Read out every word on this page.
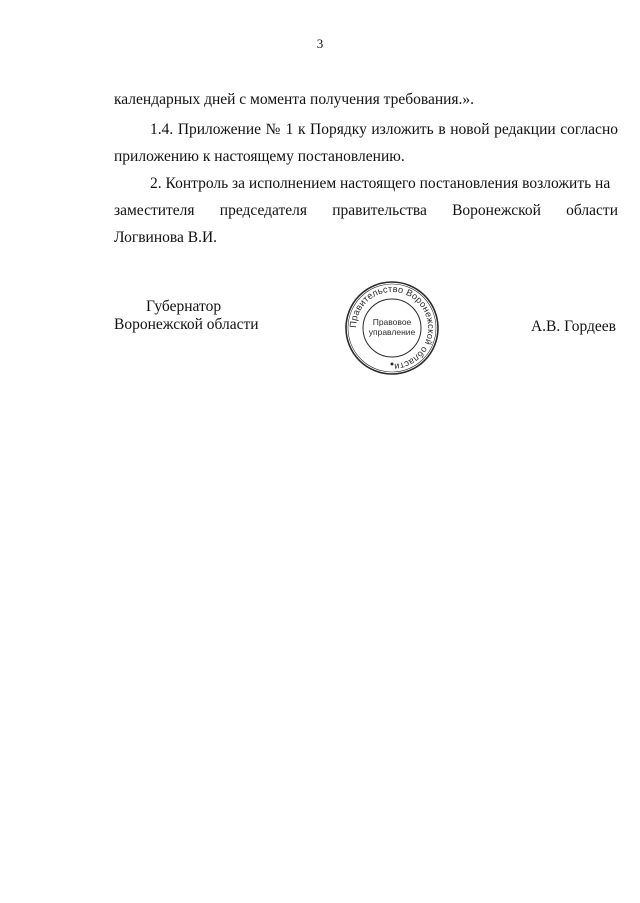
3

календарных дней с момента получения требования.».

1.4. Приложение № 1 к Порядку изложить в новой редакции согласно приложению к настоящему постановлению.

2. Контроль за исполнением настоящего постановления возложить на

заместителя председателя правительства Воронежской области
Логвинова В.И.
Губернатор
Воронежской области	Правительство Воронежской области
Правовое
управление	А.В. Гордеев
